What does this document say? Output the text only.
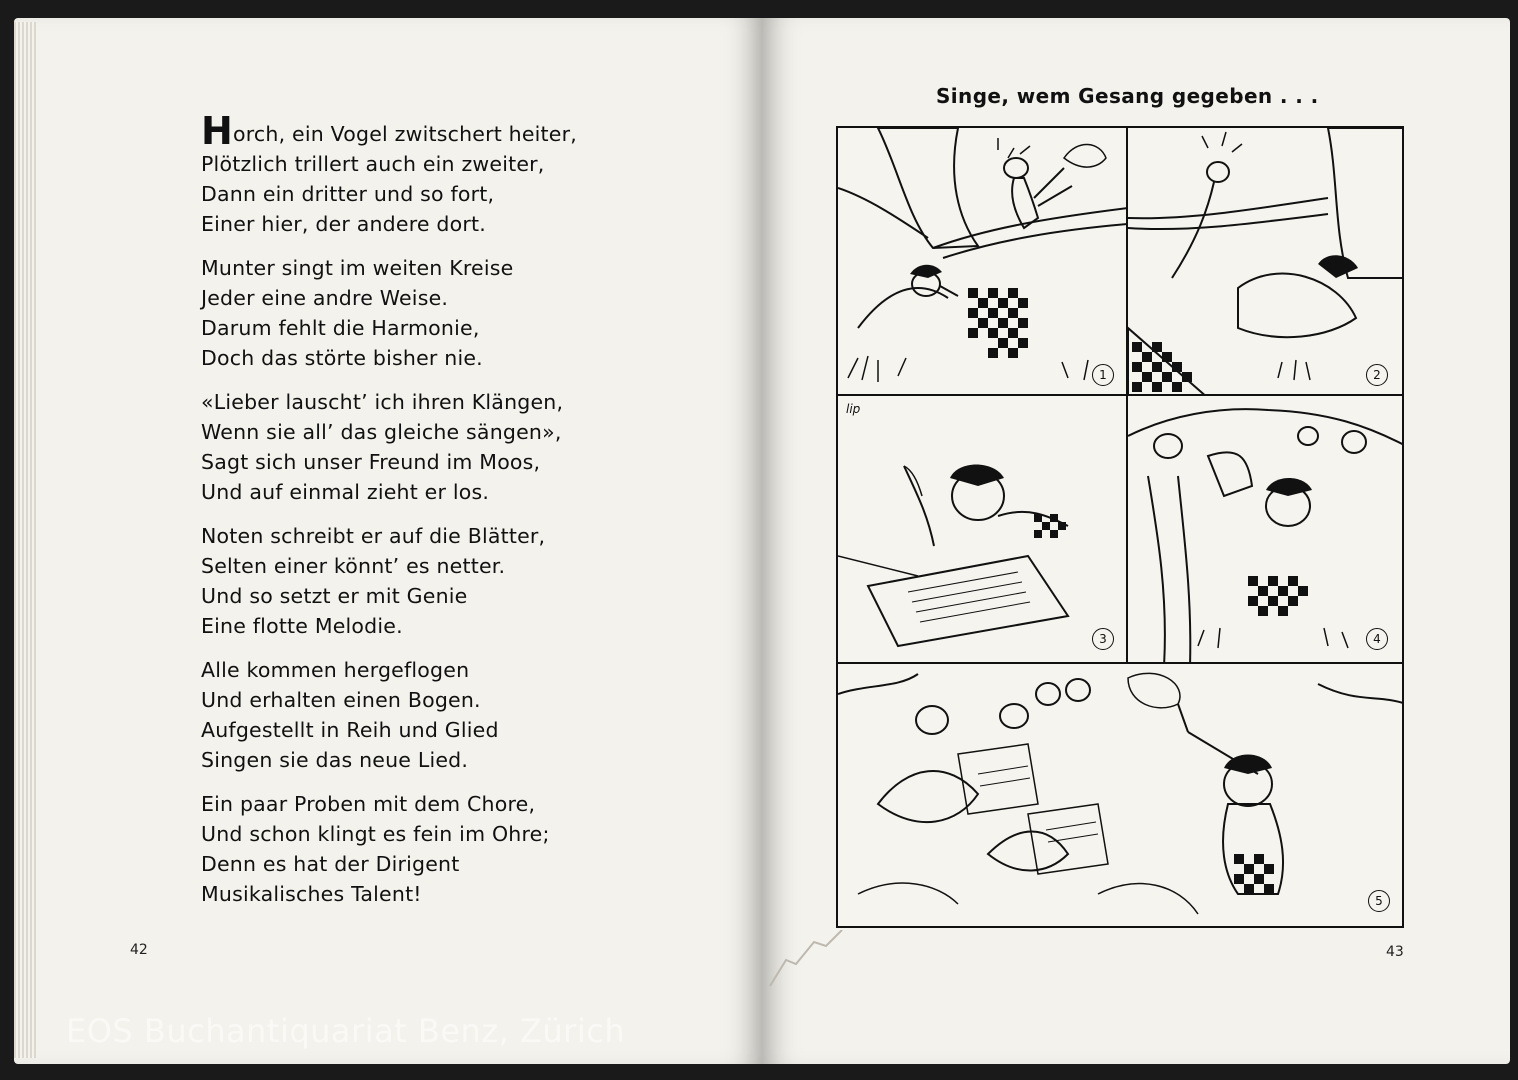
Horch, ein Vogel zwitschert heiter,
Plötzlich trillert auch ein zweiter,
Dann ein dritter und so fort,
Einer hier, der andere dort.
Munter singt im weiten Kreise
Jeder eine andre Weise.
Darum fehlt die Harmonie,
Doch das störte bisher nie.
«Lieber lauscht’ ich ihren Klängen,
Wenn sie all’ das gleiche sängen»,
Sagt sich unser Freund im Moos,
Und auf einmal zieht er los.
Noten schreibt er auf die Blätter,
Selten einer könnt’ es netter.
Und so setzt er mit Genie
Eine flotte Melodie.
Alle kommen hergeflogen
Und erhalten einen Bogen.
Aufgestellt in Reih und Glied
Singen sie das neue Lied.
Ein paar Proben mit dem Chore,
Und schon klingt es fein im Ohre;
Denn es hat der Dirigent
Musikalisches Talent!
42	43
Singe, wem Gesang gegeben . . .
1	2
3
lip
4
5
EOS Buchantiquariat Benz, Zürich
